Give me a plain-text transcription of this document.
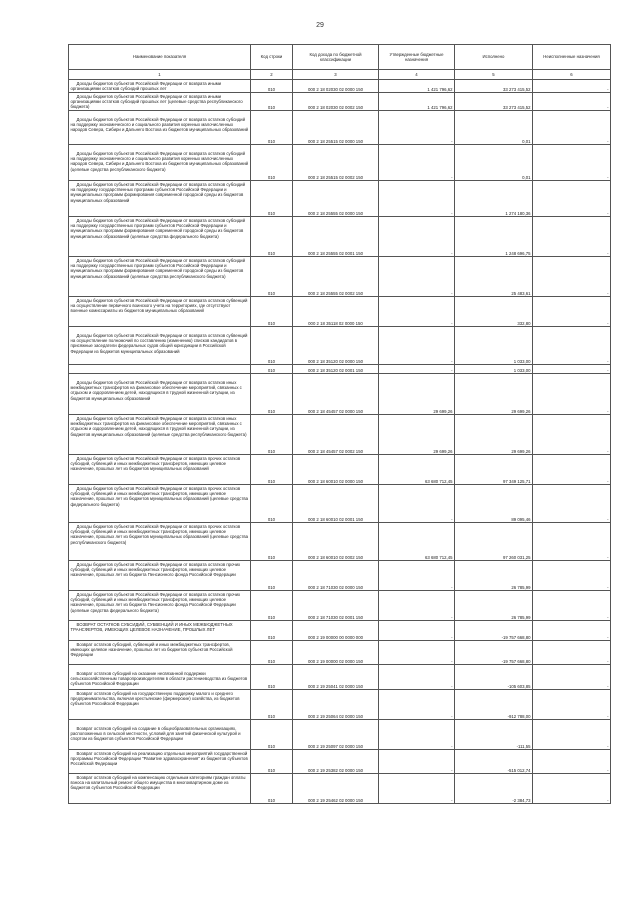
29
Наименование показателя	Код строки	Код дохода по бюджетной классификации	Утвержденные бюджетные назначения	Исполнено	Неисполненные назначения
1	2	3	4	5	6

Доходы бюджетов субъектов Российской Федерации от возврата иными организациями остатков субсидий прошлых лет	010	000 2 18 02030 02 0000 150	1 421 796,62	33 273 415,52	-

Доходы бюджетов субъектов Российской Федерации от возврата иными организациями остатков субсидий прошлых лет (целевые средства республиканского бюджета)	010	000 2 18 02030 02 0002 150	1 421 796,62	33 273 415,52	-

Доходы бюджетов субъектов Российской Федерации от возврата остатков субсидий на поддержку экономического и социального развития коренных малочисленных народов Севера, Сибири и Дальнего Востока из бюджетов муниципальных образований	010	000 2 18 25515 02 0000 150	-	0,01	-

Доходы бюджетов субъектов Российской Федерации от возврата остатков субсидий на поддержку экономического и социального развития коренных малочисленных народов Севера, Сибири и Дальнего Востока из бюджетов муниципальных образований (целевые средства республиканского бюджета)	010	000 2 18 25515 02 0002 150	-	0,01	-

Доходы бюджетов субъектов Российской Федерации от возврата остатков субсидий на поддержку государственных программ субъектов Российской Федерации и муниципальных программ формирования современной городской среды из бюджетов муниципальных образований	010	000 2 18 25555 02 0000 150	-	1 274 180,36	-

Доходы бюджетов субъектов Российской Федерации от возврата остатков субсидий на поддержку государственных программ субъектов Российской Федерации и муниципальных программ формирования современной городской среды из бюджетов муниципальных образований (целевые средства федерального бюджета)	010	000 2 18 25555 02 0001 150	-	1 248 696,75	-

Доходы бюджетов субъектов Российской Федерации от возврата остатков субсидий на поддержку государственных программ субъектов Российской Федерации и муниципальных программ формирования современной городской среды из бюджетов муниципальных образований (целевые средства республиканского бюджета)	010	000 2 18 25555 02 0002 150	-	25 483,61	-

Доходы бюджетов субъектов Российской Федерации от возврата остатков субвенций на осуществление первичного воинского учета на территориях, где отсутствуют военные комиссариаты из бюджетов муниципальных образований	010	000 2 18 35118 02 0000 150	-	332,80	-

Доходы бюджетов субъектов Российской Федерации от возврата остатков субвенций на осуществление полномочий по составлению (изменению) списков кандидатов в присяжные заседатели федеральных судов общей юрисдикции в Российской Федерации из бюджетов муниципальных образований	010	000 2 18 35120 02 0000 150	-	1 033,00	-

	010	000 2 18 35120 02 0001 150	-	1 033,00	-

Доходы бюджетов субъектов Российской Федерации от возврата остатков иных межбюджетных трансфертов на финансовое обеспечение мероприятий, связанных с отдыхом и оздоровлением детей, находящихся в трудной жизненной ситуации, из бюджетов муниципальных образований	010	000 2 18 45457 02 0000 150	29 699,26	29 699,26	-

Доходы бюджетов субъектов Российской Федерации от возврата остатков иных межбюджетных трансфертов на финансовое обеспечение мероприятий, связанных с отдыхом и оздоровлением детей, находящихся в трудной жизненной ситуации, из бюджетов муниципальных образований (целевые средства республиканского бюджета)	010	000 2 18 45457 02 0002 150	29 699,26	29 699,26	-

Доходы бюджетов субъектов Российской Федерации от возврата прочих остатков субсидий, субвенций и иных межбюджетных трансфертов, имеющих целевое назначение, прошлых лет из бюджетов муниципальных образований	010	000 2 18 60010 02 0000 150	63 680 712,45	97 349 125,71	-

Доходы бюджетов субъектов Российской Федерации от возврата прочих остатков субсидий, субвенций и иных межбюджетных трансфертов, имеющих целевое назначение, прошлых лет из бюджетов муниципальных образований (целевые средства федерального бюджета)	010	000 2 18 60010 02 0001 150	-	89 095,46	-

Доходы бюджетов субъектов Российской Федерации от возврата прочих остатков субсидий, субвенций и иных межбюджетных трансфертов, имеющих целевое назначение, прошлых лет из бюджетов муниципальных образований (целевые средства республиканского бюджета)	010	000 2 18 60010 02 0002 150	63 680 712,45	97 260 031,25	-

Доходы бюджетов субъектов Российской Федерации от возврата остатков прочих субсидий, субвенций и иных межбюджетных трансфертов, имеющих целевое назначение, прошлых лет из бюджета Пенсионного фонда Российской Федерации	010	000 2 18 71030 02 0000 150	-	26 785,99	-

Доходы бюджетов субъектов Российской Федерации от возврата остатков прочих субсидий, субвенций и иных межбюджетных трансфертов, имеющих целевое назначение, прошлых лет из бюджета Пенсионного фонда Российской Федерации (целевые средства федерального бюджета)	010	000 2 18 71030 02 0001 150	-	26 785,99	-

ВОЗВРАТ ОСТАТКОВ СУБСИДИЙ, СУБВЕНЦИЙ И ИНЫХ МЕЖБЮДЖЕТНЫХ ТРАНСФЕРТОВ, ИМЕЮЩИХ ЦЕЛЕВОЕ НАЗНАЧЕНИЕ, ПРОШЛЫХ ЛЕТ	010	000 2 19 00000 00 0000 000	-	-19 757 668,80	-

Возврат остатков субсидий, субвенций и иных межбюджетных трансфертов, имеющих целевое назначение, прошлых лет из бюджетов субъектов Российской Федерации	010	000 2 19 00000 02 0000 150	-	-19 757 668,80	-

Возврат остатков субсидий на оказание несвязанной поддержки сельскохозяйственным товаропроизводителям в области растениеводства из бюджетов субъектов Российской Федерации	010	000 2 19 25041 02 0000 150	-	-105 603,85	-

Возврат остатков субсидий на государственную поддержку малого и среднего предпринимательства, включая крестьянские (фермерские) хозяйства, из бюджетов субъектов Российской Федерации	010	000 2 19 25064 02 0000 150	-	-912 788,00	-

Возврат остатков субсидий на создание в общеобразовательных организациях, расположенных в сельской местности, условий для занятий физической культурой и спортом из бюджетов субъектов Российской Федерации	010	000 2 19 25097 02 0000 150	-	-111,55	-

Возврат остатков субсидий на реализацию отдельных мероприятий государственной программы Российской Федерации "Развитие здравоохранения" из бюджетов субъектов Российской Федерации	010	000 2 19 25382 02 0000 150	-	-515 012,74	-

Возврат остатков субсидий на компенсацию отдельным категориям граждан оплаты взноса на капитальный ремонт общего имущества в многоквартирном доме из бюджетов субъектов Российской Федерации	010	000 2 19 25462 02 0000 150	-	-2 384,73	-
